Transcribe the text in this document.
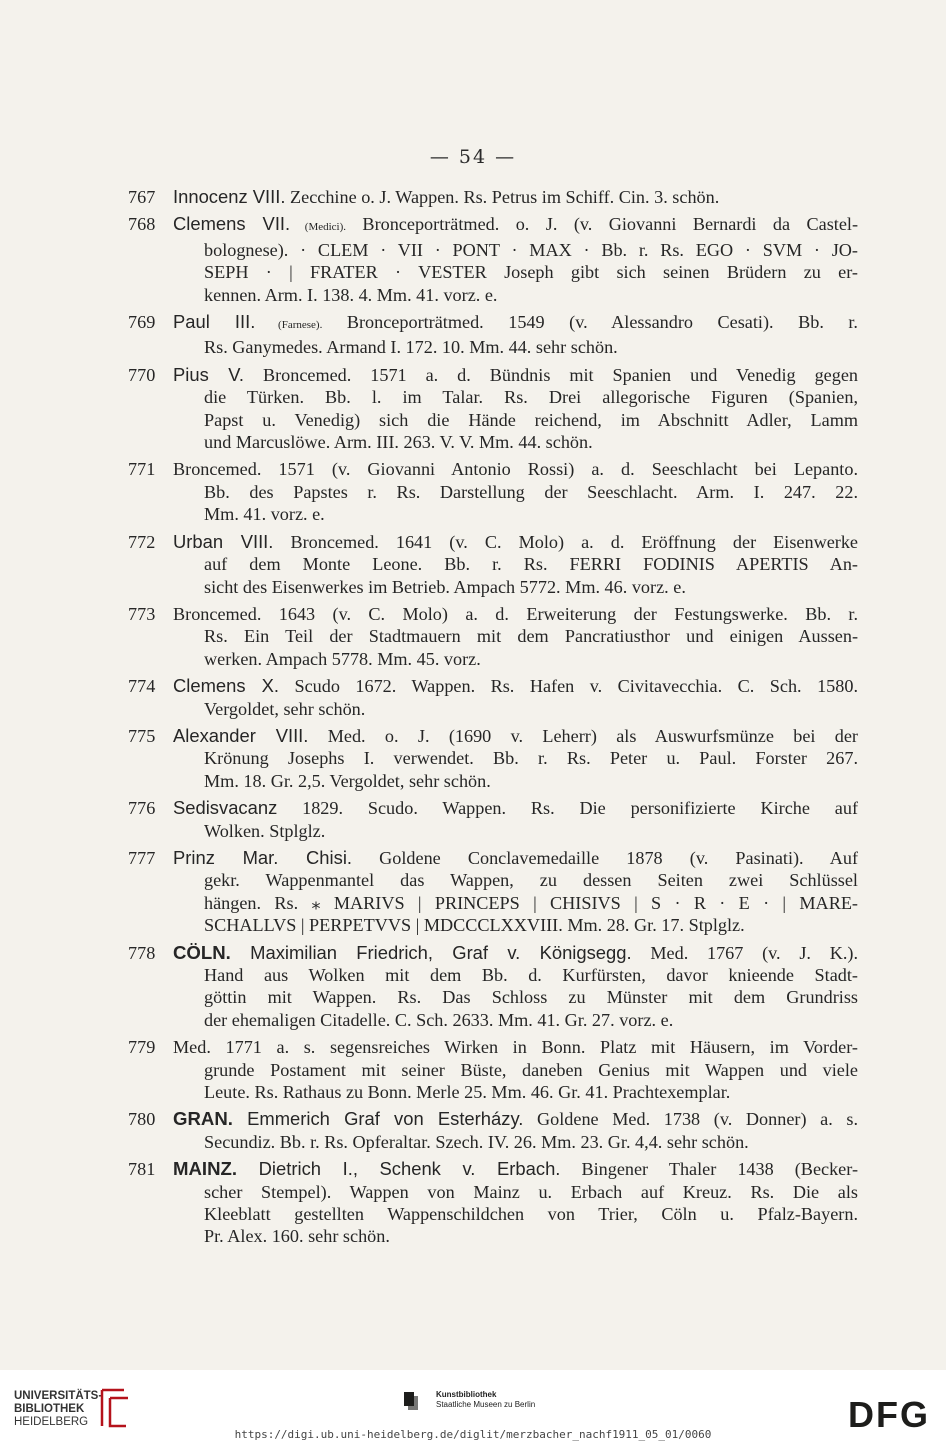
— 54 —
767 Innocenz VIII. Zecchine o. J. Wappen. Rs. Petrus im Schiff. Cin. 3. schön.
768 Clemens VII. (Medici). Bronceporträtmed. o. J. (v. Giovanni Bernardi da Castel-
bolognese). · CLEM · VII · PONT · MAX · Bb. r. Rs. EGO · SVM · JO-
SEPH · | FRATER · VESTER Joseph gibt sich seinen Brüdern zu er-
kennen. Arm. I. 138. 4. Mm. 41. vorz. e.
769 Paul III. (Farnese). Bronceporträtmed. 1549 (v. Alessandro Cesati). Bb. r.
Rs. Ganymedes. Armand I. 172. 10. Mm. 44. sehr schön.
770 Pius V. Broncemed. 1571 a. d. Bündnis mit Spanien und Venedig gegen
die Türken. Bb. l. im Talar. Rs. Drei allegorische Figuren (Spanien,
Papst u. Venedig) sich die Hände reichend, im Abschnitt Adler, Lamm
und Marcuslöwe. Arm. III. 263. V. V. Mm. 44. schön.
771 Broncemed. 1571 (v. Giovanni Antonio Rossi) a. d. Seeschlacht bei Lepanto.
Bb. des Papstes r. Rs. Darstellung der Seeschlacht. Arm. I. 247. 22.
Mm. 41. vorz. e.
772 Urban VIII. Broncemed. 1641 (v. C. Molo) a. d. Eröffnung der Eisenwerke
auf dem Monte Leone. Bb. r. Rs. FERRI FODINIS APERTIS An-
sicht des Eisenwerkes im Betrieb. Ampach 5772. Mm. 46. vorz. e.
773 Broncemed. 1643 (v. C. Molo) a. d. Erweiterung der Festungswerke. Bb. r.
Rs. Ein Teil der Stadtmauern mit dem Pancratiusthor und einigen Aussen-
werken. Ampach 5778. Mm. 45. vorz.
774 Clemens X. Scudo 1672. Wappen. Rs. Hafen v. Civitavecchia. C. Sch. 1580.
Vergoldet, sehr schön.
775 Alexander VIII. Med. o. J. (1690 v. Leherr) als Auswurfsmünze bei der
Krönung Josephs I. verwendet. Bb. r. Rs. Peter u. Paul. Forster 267.
Mm. 18. Gr. 2,5. Vergoldet, sehr schön.
776 Sedisvacanz 1829. Scudo. Wappen. Rs. Die personifizierte Kirche auf
Wolken. Stplglz.
777 Prinz Mar. Chisi. Goldene Conclavemedaille 1878 (v. Pasinati). Auf
gekr. Wappenmantel das Wappen, zu dessen Seiten zwei Schlüssel
hängen. Rs. ⁎ MARIVS | PRINCEPS | CHISIVS | S · R · E · | MARE-
SCHALLVS | PERPETVVS | MDCCCLXXVIII. Mm. 28. Gr. 17. Stplglz.
778 CÖLN. Maximilian Friedrich, Graf v. Königsegg. Med. 1767 (v. J. K.).
Hand aus Wolken mit dem Bb. d. Kurfürsten, davor knieende Stadt-
göttin mit Wappen. Rs. Das Schloss zu Münster mit dem Grundriss
der ehemaligen Citadelle. C. Sch. 2633. Mm. 41. Gr. 27. vorz. e.
779 Med. 1771 a. s. segensreiches Wirken in Bonn. Platz mit Häusern, im Vorder-
grunde Postament mit seiner Büste, daneben Genius mit Wappen und viele
Leute. Rs. Rathaus zu Bonn. Merle 25. Mm. 46. Gr. 41. Prachtexemplar.
780 GRAN. Emmerich Graf von Esterházy. Goldene Med. 1738 (v. Donner) a. s.
Secundiz. Bb. r. Rs. Opferaltar. Szech. IV. 26. Mm. 23. Gr. 4,4. sehr schön.
781 MAINZ. Dietrich I., Schenk v. Erbach. Bingener Thaler 1438 (Becker-
scher Stempel). Wappen von Mainz u. Erbach auf Kreuz. Rs. Die als
Kleeblatt gestellten Wappenschildchen von Trier, Cöln u. Pfalz-Bayern.
Pr. Alex. 160. sehr schön.
UNIVERSITÄTS-
BIBLIOTHEK
HEIDELBERG
Kunstbibliothek
Staatliche Museen zu Berlin	DFG
https://digi.ub.uni-heidelberg.de/diglit/merzbacher_nachf1911_05_01/0060
